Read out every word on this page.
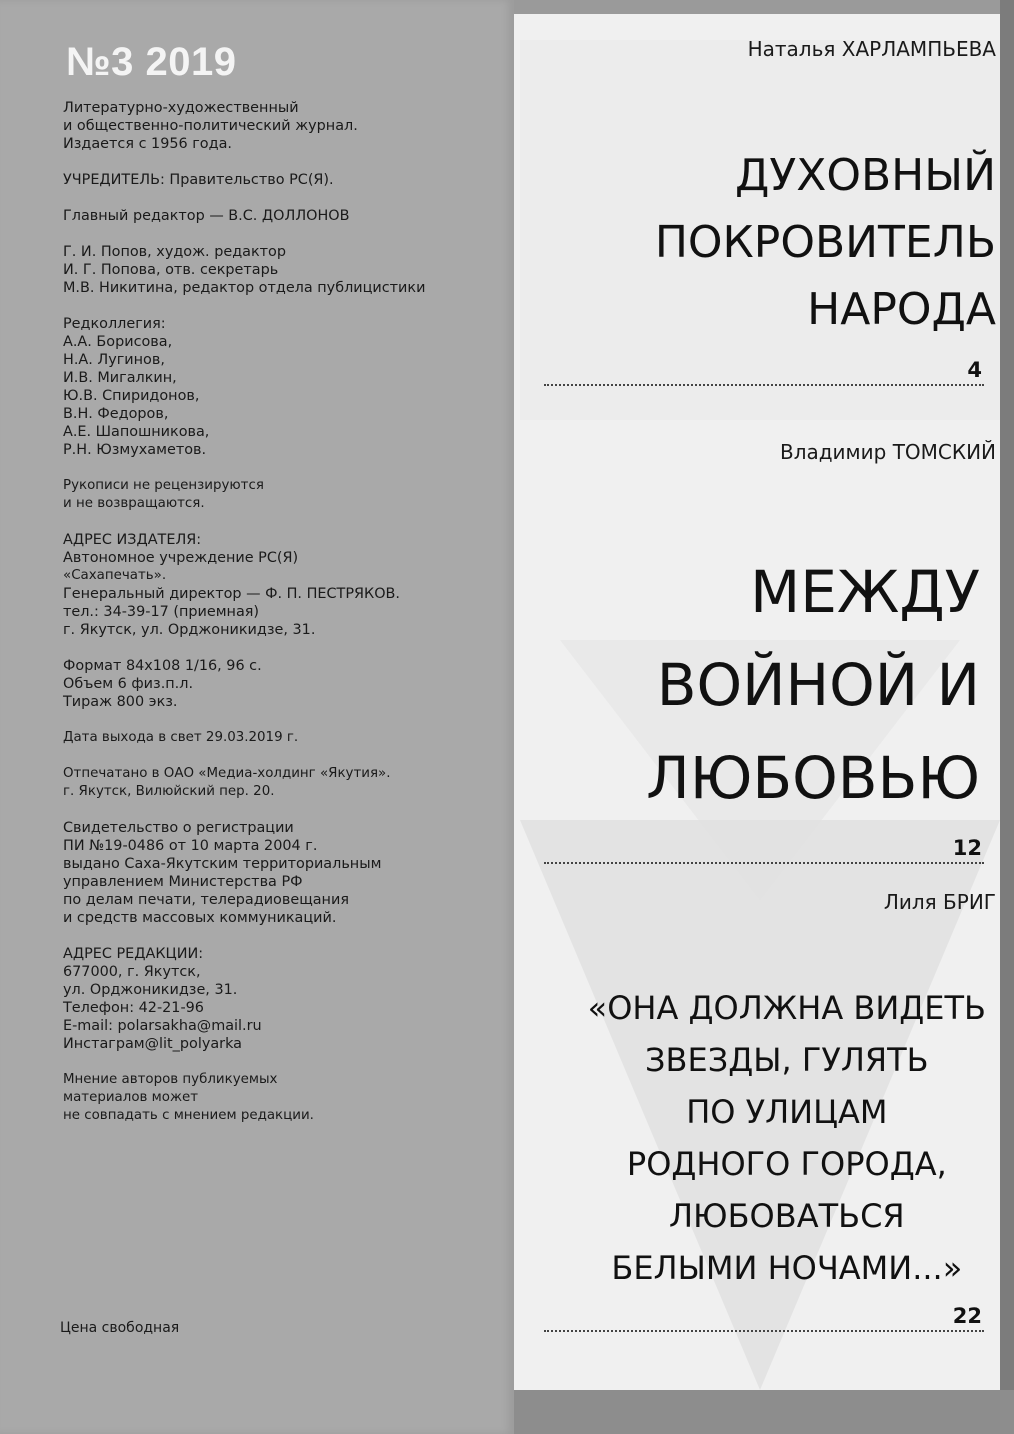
№3 2019
Литературно-художественный
и общественно-политический журнал.
Издается с 1956 года.
УЧРЕДИТЕЛЬ: Правительство РС(Я).
Главный редактор — В.С. ДОЛЛОНОВ
Г. И. Попов, худож. редактор
И. Г. Попова, отв. секретарь
М.В. Никитина, редактор отдела публицистики
Редколлегия:
А.А. Борисова,
Н.А. Лугинов,
И.В. Мигалкин,
Ю.В. Спиридонов,
В.Н. Федоров,
А.Е. Шапошникова,
Р.Н. Юзмухаметов.
Рукописи не рецензируются
и не возвращаются.
АДРЕС ИЗДАТЕЛЯ:
Автономное учреждение РС(Я)
«Сахапечать».
Генеральный директор — Ф. П. ПЕСТРЯКОВ.
тел.: 34-39-17 (приемная)
г. Якутск, ул. Орджоникидзе, 31.
Формат 84х108 1/16, 96 с.
Объем 6 физ.п.л.
Тираж 800 экз.
Дата выхода в свет 29.03.2019 г.
Отпечатано в ОАО «Медиа-холдинг «Якутия».
г. Якутск, Вилюйский пер. 20.
Свидетельство о регистрации
ПИ №19-0486 от 10 марта 2004 г.
выдано Саха-Якутским территориальным
управлением Министерства РФ
по делам печати, телерадиовещания
и средств массовых коммуникаций.
АДРЕС РЕДАКЦИИ:
677000, г. Якутск,
ул. Орджоникидзе, 31.
Телефон: 42-21-96
E-mail: polarsakha@mail.ru
Инстаграм@lit_polyarka
Мнение авторов публикуемых
материалов может
не совпадать с мнением редакции.
Цена свободная
Наталья ХАРЛАМПЬЕВА
ДУХОВНЫЙ
ПОКРОВИТЕЛЬ
НАРОДА
4
Владимир ТОМСКИЙ
МЕЖДУ
ВОЙНОЙ И
ЛЮБОВЬЮ
12
Лиля БРИГ
«ОНА ДОЛЖНА ВИДЕТЬ
ЗВЕЗДЫ, ГУЛЯТЬ
ПО УЛИЦАМ
РОДНОГО ГОРОДА,
ЛЮБОВАТЬСЯ
БЕЛЫМИ НОЧАМИ...»
22
